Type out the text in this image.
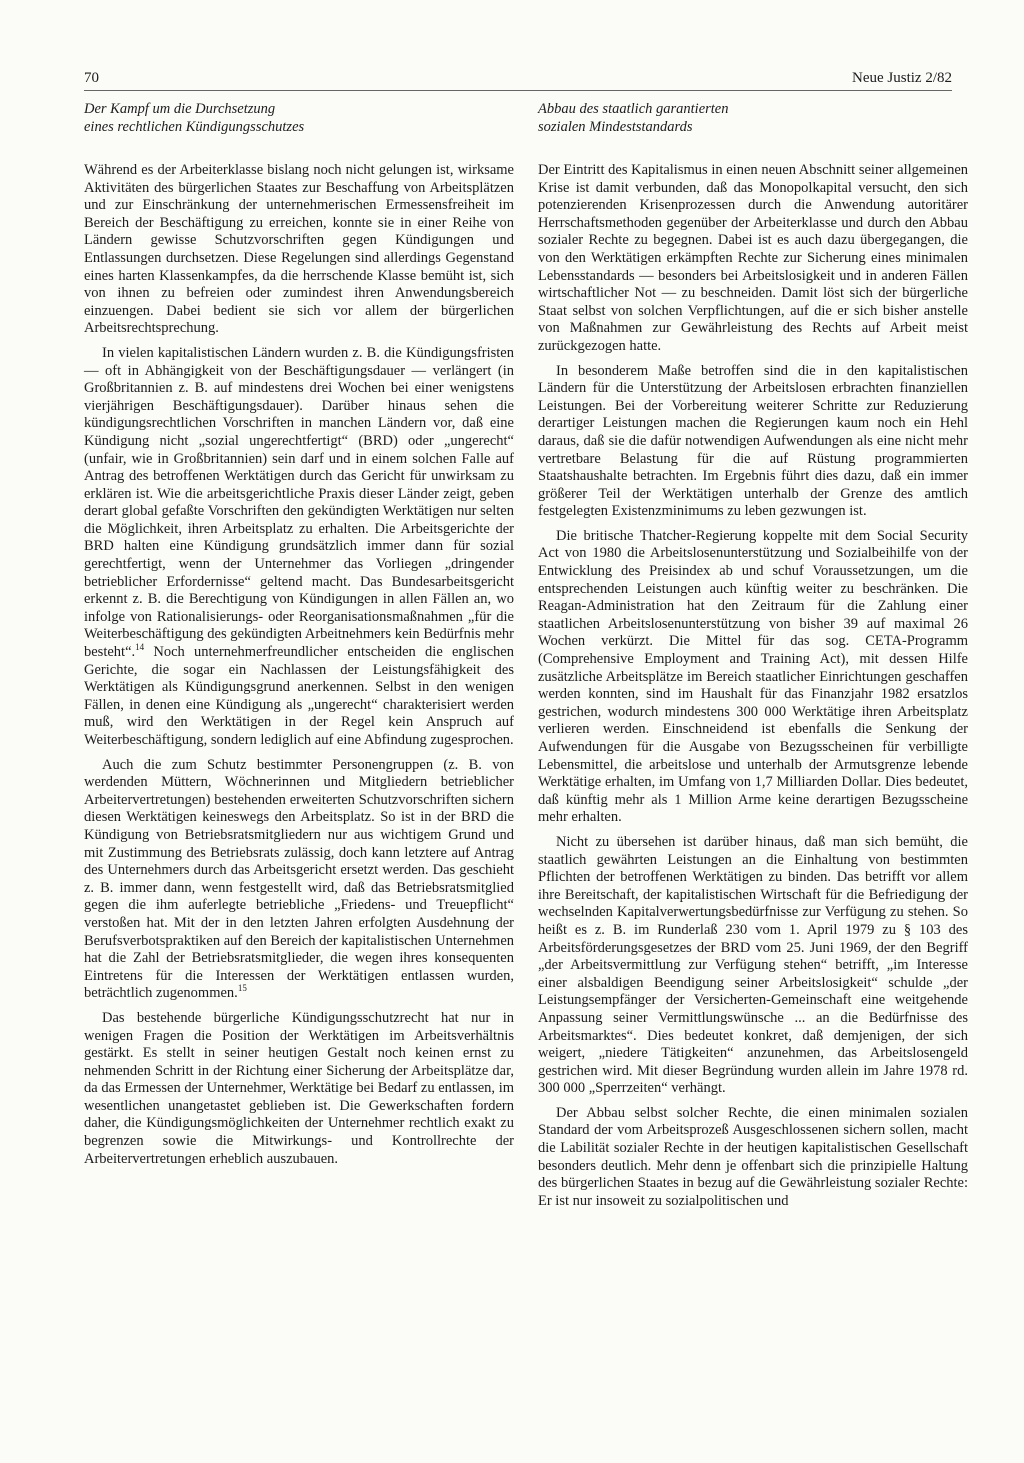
70	Neue Justiz 2/82
Der Kampf um die Durchsetzung
eines rechtlichen Kündigungsschutzes

Während es der Arbeiterklasse bislang noch nicht gelungen ist, wirksame Aktivitäten des bürgerlichen Staates zur Beschaffung von Arbeitsplätzen und zur Einschränkung der unternehmerischen Ermessensfreiheit im Bereich der Beschäftigung zu erreichen, konnte sie in einer Reihe von Ländern gewisse Schutzvorschriften gegen Kündigungen und Entlassungen durchsetzen. Diese Regelungen sind allerdings Gegenstand eines harten Klassenkampfes, da die herrschende Klasse bemüht ist, sich von ihnen zu befreien oder zumindest ihren Anwendungsbereich einzuengen. Dabei bedient sie sich vor allem der bürgerlichen Arbeitsrechtsprechung.

In vielen kapitalistischen Ländern wurden z. B. die Kündigungsfristen — oft in Abhängigkeit von der Beschäftigungsdauer — verlängert (in Großbritannien z. B. auf mindestens drei Wochen bei einer wenigstens vierjährigen Beschäftigungsdauer). Darüber hinaus sehen die kündigungsrechtlichen Vorschriften in manchen Ländern vor, daß eine Kündigung nicht „sozial ungerechtfertigt“ (BRD) oder „ungerecht“ (unfair, wie in Großbritannien) sein darf und in einem solchen Falle auf Antrag des betroffenen Werktätigen durch das Gericht für unwirksam zu erklären ist. Wie die arbeitsgerichtliche Praxis dieser Länder zeigt, geben derart global gefaßte Vorschriften den gekündigten Werktätigen nur selten die Möglichkeit, ihren Arbeitsplatz zu erhalten. Die Arbeitsgerichte der BRD halten eine Kündigung grundsätzlich immer dann für sozial gerechtfertigt, wenn der Unternehmer das Vorliegen „dringender betrieblicher Erfordernisse“ geltend macht. Das Bundesarbeitsgericht erkennt z. B. die Berechtigung von Kündigungen in allen Fällen an, wo infolge von Rationalisierungs- oder Reorganisationsmaßnahmen „für die Weiterbeschäftigung des gekündigten Arbeitnehmers kein Bedürfnis mehr besteht“.$^{14}$ Noch unternehmerfreundlicher entscheiden die englischen Gerichte, die sogar ein Nachlassen der Leistungsfähigkeit des Werktätigen als Kündigungsgrund anerkennen. Selbst in den wenigen Fällen, in denen eine Kündigung als „ungerecht“ charakterisiert werden muß, wird den Werktätigen in der Regel kein Anspruch auf Weiterbeschäftigung, sondern lediglich auf eine Abfindung zugesprochen.

Auch die zum Schutz bestimmter Personengruppen (z. B. von werdenden Müttern, Wöchnerinnen und Mitgliedern betrieblicher Arbeitervertretungen) bestehenden erweiterten Schutzvorschriften sichern diesen Werktätigen keineswegs den Arbeitsplatz. So ist in der BRD die Kündigung von Betriebsratsmitgliedern nur aus wichtigem Grund und mit Zustimmung des Betriebsrats zulässig, doch kann letztere auf Antrag des Unternehmers durch das Arbeitsgericht ersetzt werden. Das geschieht z. B. immer dann, wenn festgestellt wird, daß das Betriebsratsmitglied gegen die ihm auferlegte betriebliche „Friedens- und Treuepflicht“ verstoßen hat. Mit der in den letzten Jahren erfolgten Ausdehnung der Berufsverbotspraktiken auf den Bereich der kapitalistischen Unternehmen hat die Zahl der Betriebsratsmitglieder, die wegen ihres konsequenten Eintretens für die Interessen der Werktätigen entlassen wurden, beträchtlich zugenommen.$^{15}$

Das bestehende bürgerliche Kündigungsschutzrecht hat nur in wenigen Fragen die Position der Werktätigen im Arbeitsverhältnis gestärkt. Es stellt in seiner heutigen Gestalt noch keinen ernst zu nehmenden Schritt in der Richtung einer Sicherung der Arbeitsplätze dar, da das Ermessen der Unternehmer, Werktätige bei Bedarf zu entlassen, im wesentlichen unangetastet geblieben ist. Die Gewerkschaften fordern daher, die Kündigungsmöglichkeiten der Unternehmer rechtlich exakt zu begrenzen sowie die Mitwirkungs- und Kontrollrechte der Arbeitervertretungen erheblich auszubauen.

Abbau des staatlich garantierten
sozialen Mindeststandards

Der Eintritt des Kapitalismus in einen neuen Abschnitt seiner allgemeinen Krise ist damit verbunden, daß das Monopolkapital versucht, den sich potenzierenden Krisenprozessen durch die Anwendung autoritärer Herrschaftsmethoden gegenüber der Arbeiterklasse und durch den Abbau sozialer Rechte zu begegnen. Dabei ist es auch dazu übergegangen, die von den Werktätigen erkämpften Rechte zur Sicherung eines minimalen Lebensstandards — besonders bei Arbeitslosigkeit und in anderen Fällen wirtschaftlicher Not — zu beschneiden. Damit löst sich der bürgerliche Staat selbst von solchen Verpflichtungen, auf die er sich bisher anstelle von Maßnahmen zur Gewährleistung des Rechts auf Arbeit meist zurückgezogen hatte.

In besonderem Maße betroffen sind die in den kapitalistischen Ländern für die Unterstützung der Arbeitslosen erbrachten finanziellen Leistungen. Bei der Vorbereitung weiterer Schritte zur Reduzierung derartiger Leistungen machen die Regierungen kaum noch ein Hehl daraus, daß sie die dafür notwendigen Aufwendungen als eine nicht mehr vertretbare Belastung für die auf Rüstung programmierten Staatshaushalte betrachten. Im Ergebnis führt dies dazu, daß ein immer größerer Teil der Werktätigen unterhalb der Grenze des amtlich festgelegten Existenzminimums zu leben gezwungen ist.

Die britische Thatcher-Regierung koppelte mit dem Social Security Act von 1980 die Arbeitslosenunterstützung und Sozialbeihilfe von der Entwicklung des Preisindex ab und schuf Voraussetzungen, um die entsprechenden Leistungen auch künftig weiter zu beschränken. Die Reagan-Administration hat den Zeitraum für die Zahlung einer staatlichen Arbeitslosenunterstützung von bisher 39 auf maximal 26 Wochen verkürzt. Die Mittel für das sog. CETA-Programm (Comprehensive Employment and Training Act), mit dessen Hilfe zusätzliche Arbeitsplätze im Bereich staatlicher Einrichtungen geschaffen werden konnten, sind im Haushalt für das Finanzjahr 1982 ersatzlos gestrichen, wodurch mindestens 300 000 Werktätige ihren Arbeitsplatz verlieren werden. Einschneidend ist ebenfalls die Senkung der Aufwendungen für die Ausgabe von Bezugsscheinen für verbilligte Lebensmittel, die arbeitslose und unterhalb der Armutsgrenze lebende Werktätige erhalten, im Umfang von 1,7 Milliarden Dollar. Dies bedeutet, daß künftig mehr als 1 Million Arme keine derartigen Bezugsscheine mehr erhalten.

Nicht zu übersehen ist darüber hinaus, daß man sich bemüht, die staatlich gewährten Leistungen an die Einhaltung von bestimmten Pflichten der betroffenen Werktätigen zu binden. Das betrifft vor allem ihre Bereitschaft, der kapitalistischen Wirtschaft für die Befriedigung der wechselnden Kapitalverwertungsbedürfnisse zur Verfügung zu stehen. So heißt es z. B. im Runderlaß 230 vom 1. April 1979 zu § 103 des Arbeitsförderungsgesetzes der BRD vom 25. Juni 1969, der den Begriff „der Arbeitsvermittlung zur Verfügung stehen“ betrifft, „im Interesse einer alsbaldigen Beendigung seiner Arbeitslosigkeit“ schulde „der Leistungsempfänger der Versicherten-Gemeinschaft eine weitgehende Anpassung seiner Vermittlungswünsche ... an die Bedürfnisse des Arbeitsmarktes“. Dies bedeutet konkret, daß demjenigen, der sich weigert, „niedere Tätigkeiten“ anzunehmen, das Arbeitslosengeld gestrichen wird. Mit dieser Begründung wurden allein im Jahre 1978 rd. 300 000 „Sperrzeiten“ verhängt.

Der Abbau selbst solcher Rechte, die einen minimalen sozialen Standard der vom Arbeitsprozeß Ausgeschlossenen sichern sollen, macht die Labilität sozialer Rechte in der heutigen kapitalistischen Gesellschaft besonders deutlich. Mehr denn je offenbart sich die prinzipielle Haltung des bürgerlichen Staates in bezug auf die Gewährleistung sozialer Rechte: Er ist nur insoweit zu sozialpolitischen und
